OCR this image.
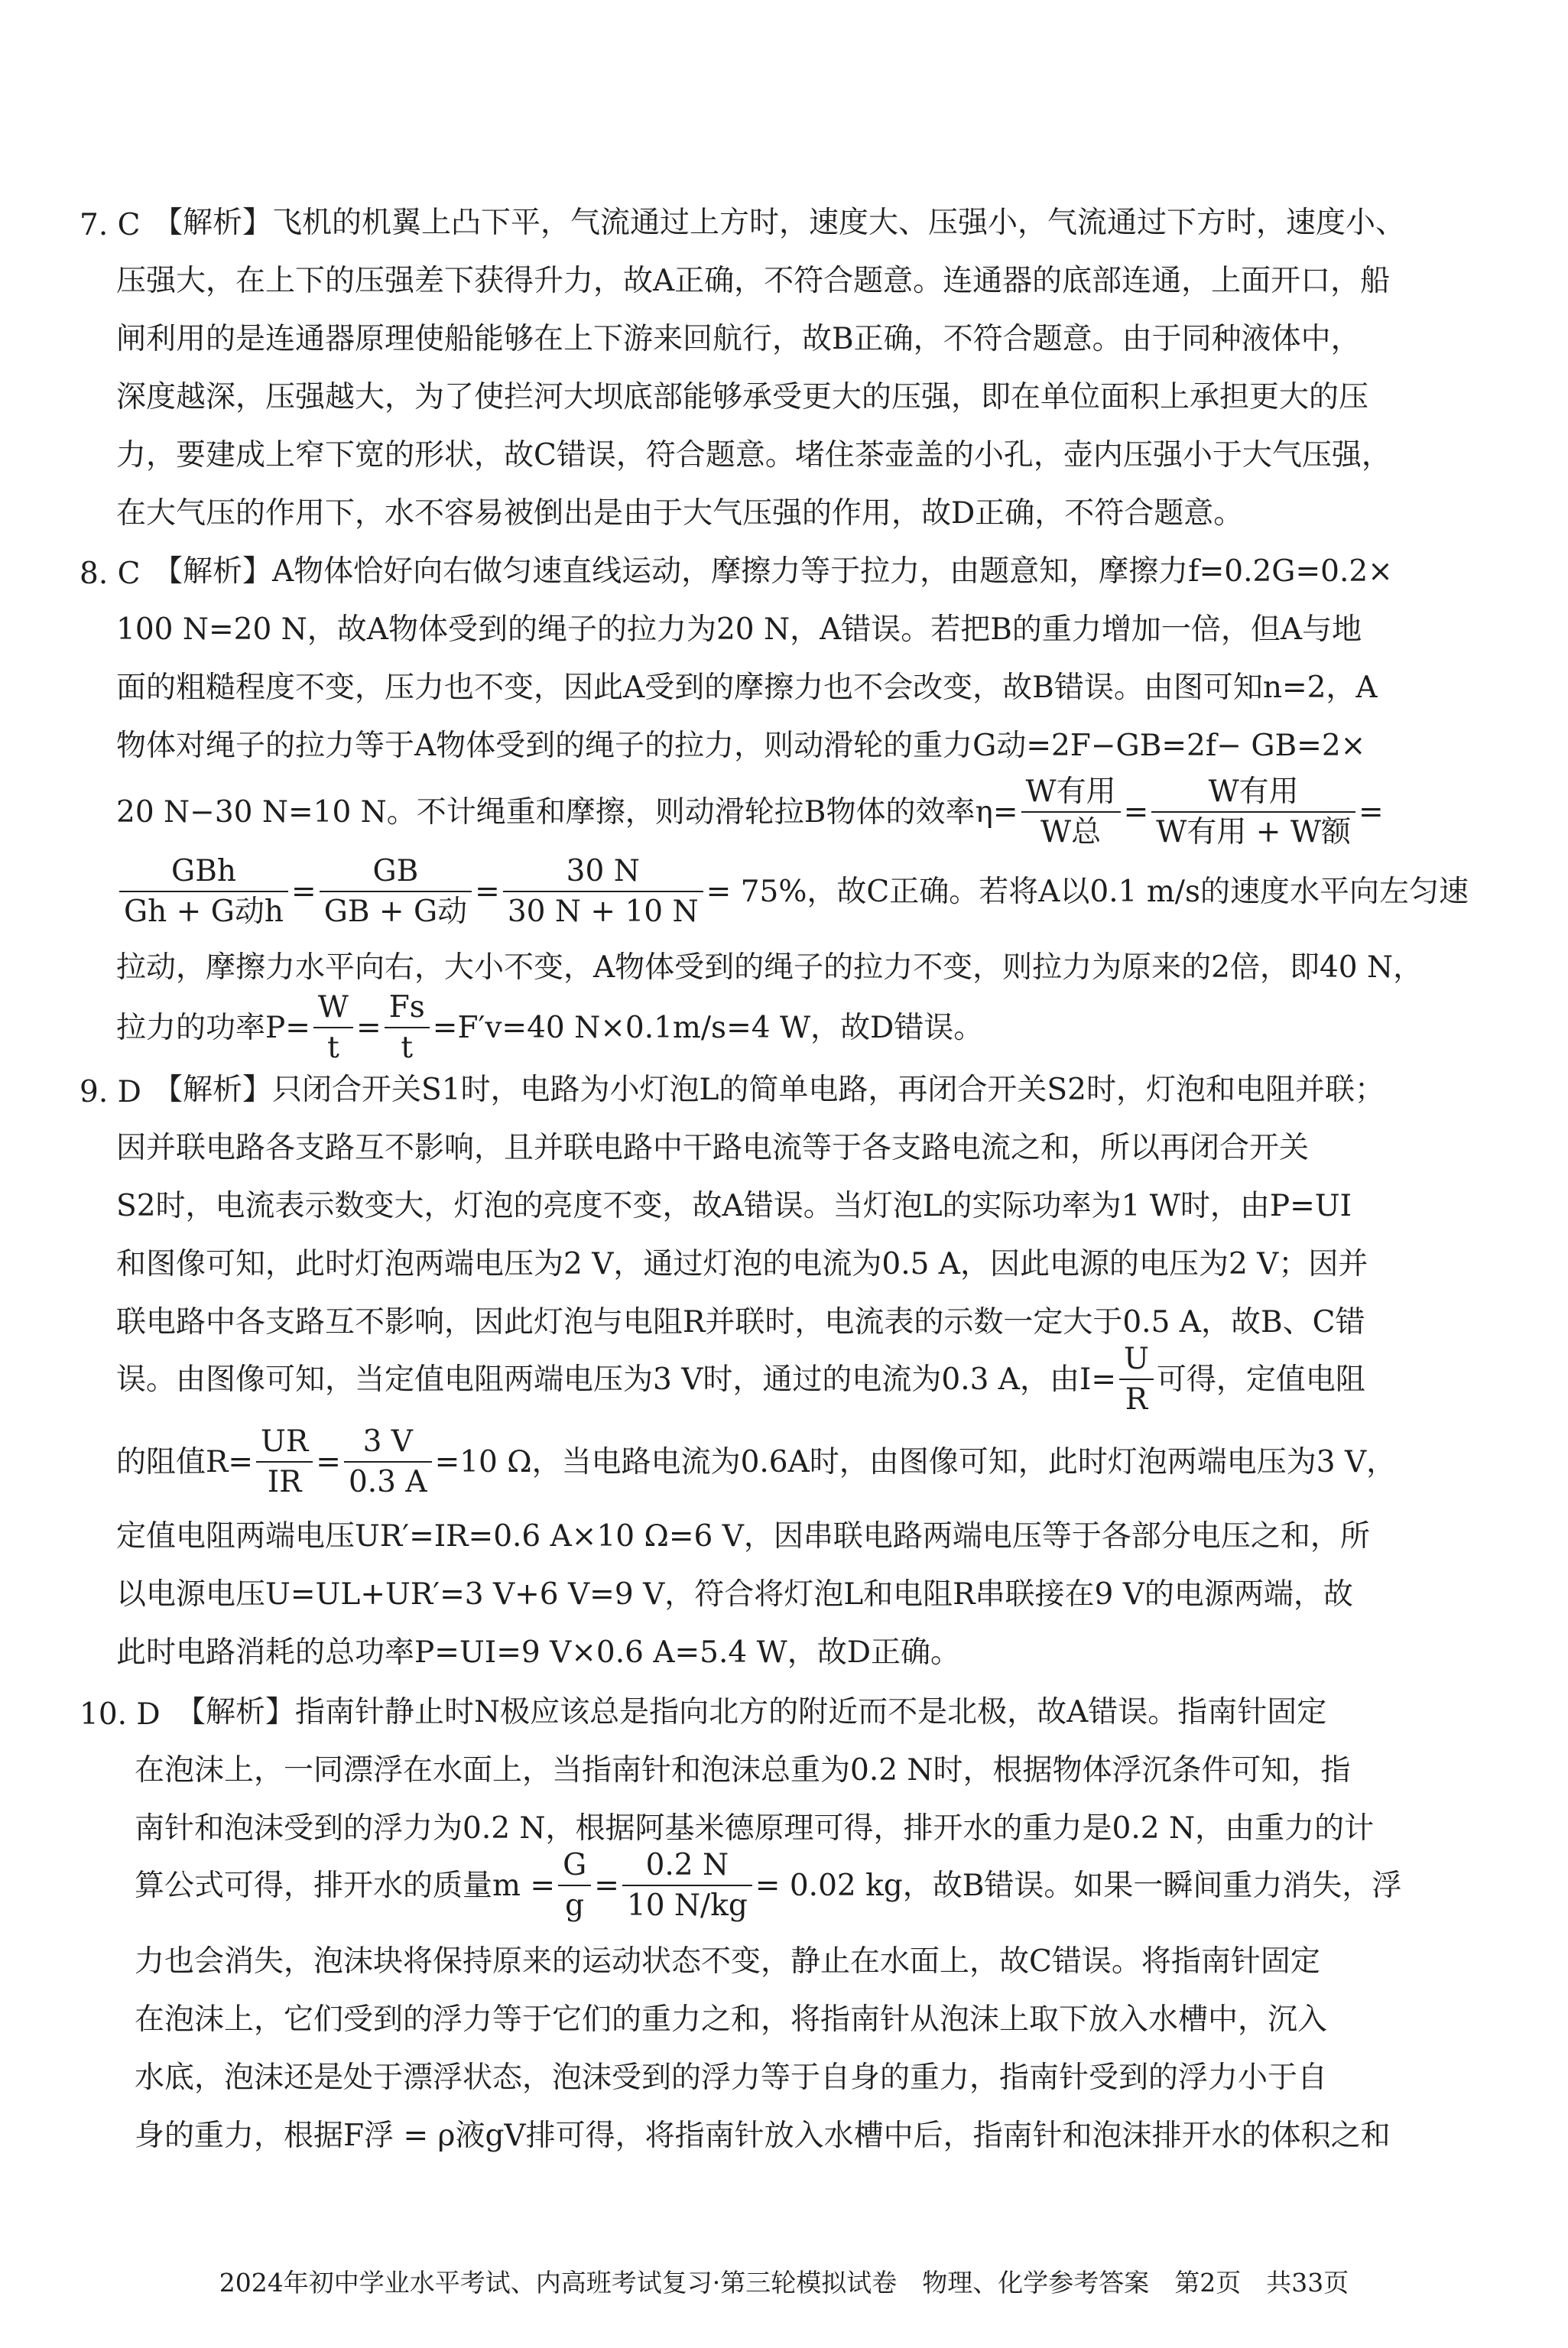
7. C 【解析】飞机的机翼上凸下平，气流通过上方时，速度大、压强小，气流通过下方时，速度小、
压强大，在上下的压强差下获得升力，故A正确，不符合题意。连通器的底部连通，上面开口，船
闸利用的是连通器原理使船能够在上下游来回航行，故B正确，不符合题意。由于同种液体中，
深度越深，压强越大，为了使拦河大坝底部能够承受更大的压强，即在单位面积上承担更大的压
力，要建成上窄下宽的形状，故C错误，符合题意。堵住茶壶盖的小孔，壶内压强小于大气压强，
在大气压的作用下，水不容易被倒出是由于大气压强的作用，故D正确，不符合题意。
8. C 【解析】A物体恰好向右做匀速直线运动，摩擦力等于拉力，由题意知，摩擦力f=0.2G=0.2×
100 N=20 N，故A物体受到的绳子的拉力为20 N，A错误。若把B的重力增加一倍，但A与地
面的粗糙程度不变，压力也不变，因此A受到的摩擦力也不会改变，故B错误。由图可知n=2，A
物体对绳子的拉力等于A物体受到的绳子的拉力，则动滑轮的重力G动=2F−GB=2f− GB=2×
20 N−30 N=10 N。不计绳重和摩擦，则动滑轮拉B物体的效率$\eta= \frac{\text{W有用}}{\text{W总}} = \frac{\text{W有用}}{\text{W有用 + W额}}$ =
$\frac{\text{GBh}}{\text{Gh + G动h}} = \frac{GB}{\text{GB + G动}} = \frac{30 N}{30 N + 10 N} = 75\%$，故C正确。若将A以0.1 m/s的速度水平向左匀速
拉动，摩擦力水平向右，大小不变，A物体受到的绳子的拉力不变，则拉力为原来的2倍，即40 N，
拉力的功率$P= \frac{W}{t} = \frac{Fs}{t} =F'v=40$ N×0.1m/s=4 W，故D错误。
9. D 【解析】只闭合开关S1时，电路为小灯泡L的简单电路，再闭合开关S2时，灯泡和电阻并联；
因并联电路各支路互不影响，且并联电路中干路电流等于各支路电流之和，所以再闭合开关
S2时，电流表示数变大，灯泡的亮度不变，故A错误。当灯泡L的实际功率为1 W时，由P=UI
和图像可知，此时灯泡两端电压为2 V，通过灯泡的电流为0.5 A，因此电源的电压为2 V；因并
联电路中各支路互不影响，因此灯泡与电阻R并联时，电流表的示数一定大于0.5 A，故B、C错
误。由图像可知，当定值电阻两端电压为3 V时，通过的电流为0.3 A，由$I= \frac{U}{R}$ 可得，定值电阻
的阻值$R= \frac{UR}{IR} = \frac{3 V}{0.3 A} =10$ Ω，当电路电流为0.6A时，由图像可知，此时灯泡两端电压为3 V，
定值电阻两端电压UR′=IR=0.6 A×10 Ω=6 V，因串联电路两端电压等于各部分电压之和，所
以电源电压U=UL+UR′=3 V+6 V=9 V，符合将灯泡L和电阻R串联接在9 V的电源两端，故
此时电路消耗的总功率P=UI=9 V×0.6 A=5.4 W，故D正确。
10. D 【解析】指南针静止时N极应该总是指向北方的附近而不是北极，故A错误。指南针固定
在泡沫上，一同漂浮在水面上，当指南针和泡沫总重为0.2 N时，根据物体浮沉条件可知，指
南针和泡沫受到的浮力为0.2 N，根据阿基米德原理可得，排开水的重力是0.2 N，由重力的计
算公式可得，排开水的质量$m = \frac{G}{g} = \frac{0.2 N}{10 N/kg} = 0.02$ kg，故B错误。如果一瞬间重力消失，浮
力也会消失，泡沫块将保持原来的运动状态不变，静止在水面上，故C错误。将指南针固定
在泡沫上，它们受到的浮力等于它们的重力之和，将指南针从泡沫上取下放入水槽中，沉入
水底，泡沫还是处于漂浮状态，泡沫受到的浮力等于自身的重力，指南针受到的浮力小于自
身的重力，根据F浮 = ρ液gV排可得，将指南针放入水槽中后，指南针和泡沫排开水的体积之和
2024年初中学业水平考试、内高班考试复习·第三轮模拟试卷　物理、化学参考答案　第2页　共33页
